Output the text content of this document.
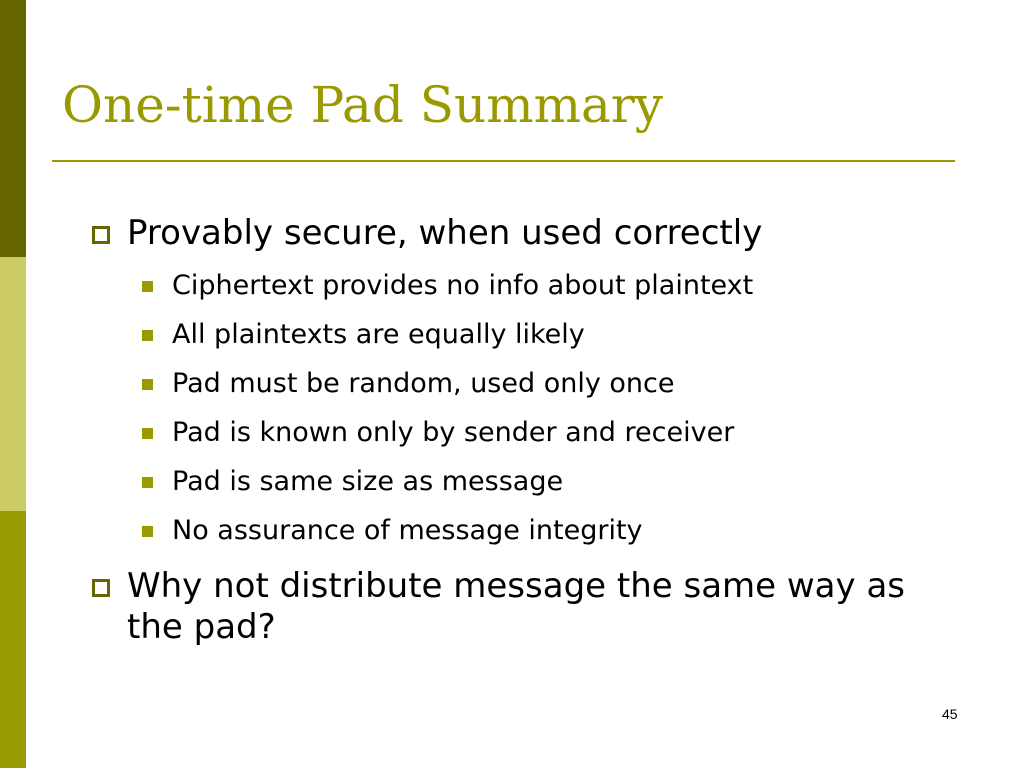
One-time Pad Summary
Provably secure, when used correctly
Ciphertext provides no info about plaintext
All plaintexts are equally likely
Pad must be random, used only once
Pad is known only by sender and receiver
Pad is same size as message
No assurance of message integrity
Why not distribute message the same way as the pad?
45
